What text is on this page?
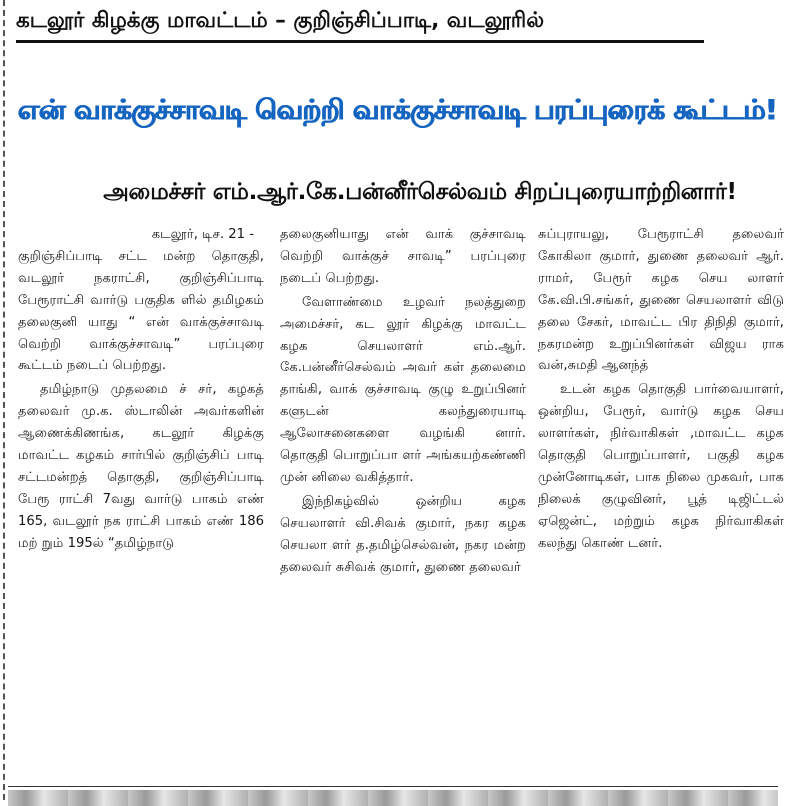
கடலூர் கிழக்கு மாவட்டம் – குறிஞ்சிப்பாடி, வடலூரில்
என் வாக்குச்சாவடி வெற்றி வாக்குச்சாவடி பரப்புரைக் கூட்டம்!
அமைச்சர் எம்.ஆர்.கே.பன்னீர்செல்வம் சிறப்புரையாற்றினார்!

கடலூர், டிச. 21 -
குறிஞ்சிப்பாடி சட்ட மன்ற தொகுதி, வடலூர் நகராட்சி, குறிஞ்சிப்பாடி பேரூராட்சி வார்டு பகுதிக ளில் தமிழகம் தலைகுனி யாது “ என் வாக்குச்சாவடி வெற்றி வாக்குச்சாவடி” பரப்புரை கூட்டம் நடைப் பெற்றது.

தமிழ்நாடு முதலமை ச் சர், கழகத் தலைவர் மு.க. ஸ்டாலின் அவர்களின் ஆணைக்கிணங்க, கடலூர் கிழக்கு மாவட்ட கழகம் சார்பில் குறிஞ்சிப் பாடி சட்டமன்றத் தொகுதி, குறிஞ்சிப்பாடி பேரூ ராட்சி 7வது வார்டு பாகம் எண் 165, வடலூர் நக ராட்சி பாகம் எண் 186 மற் றும் 195ல் “தமிழ்நாடு

தலைகுனியாது என் வாக் குச்சாவடி வெற்றி வாக்குச் சாவடி” பரப்புரை நடைப் பெற்றது.

வேளாண்மை உழவர் நலத்துறை அமைச்சர், கட லூர் கிழக்கு மாவட்ட கழக செயலாளர் எம்.ஆர். கே.பன்னீர்செல்வம் அவர் கள் தலைமை தாங்கி, வாக் குச்சாவடி குழு உறுப்பினர் களுடன் கலந்துரையாடி ஆலோசனைகளை வழங்கி னார். தொகுதி பொறுப்பா ளர் அங்கயற்கண்ணி முன் னிலை வகித்தார்.

இந்நிகழ்வில் ஒன்றிய கழக செயலாளர் வி.சிவக் குமார், நகர கழக செயலா ளர் த.தமிழ்செல்வன், நகர மன்ற தலைவர் சுசிவக் குமார், துணை தலைவர்

சுப்புராயலு, பேரூராட்சி தலைவர் கோகிலா குமார், துணை தலைவர் ஆர். ராமர், பேரூர் கழக செய லாளர் கே.வி.பி.சங்கர், துணை செயலாளர் விடு தலை சேகர், மாவட்ட பிர திநிதி குமார், நகரமன்ற உறுப்பினர்கள் விஜய ராக வன்,சுமதி ஆனந்த்

உடன் கழக தொகுதி பார்வையாளர், ஒன்றிய, பேரூர், வார்டு கழக செய லாளர்கள், நிர்வாகிகள் ,மாவட்ட கழக தொகுதி பொறுப்பாளர், பகுதி கழக முன்னோடிகள், பாக நிலை முகவர், பாக நிலைக் குழுவினர், பூத் டிஜிட்டல் ஏஜென்ட், மற்றும் கழக நிர்வாகிகள் கலந்து கொண் டனர்.
